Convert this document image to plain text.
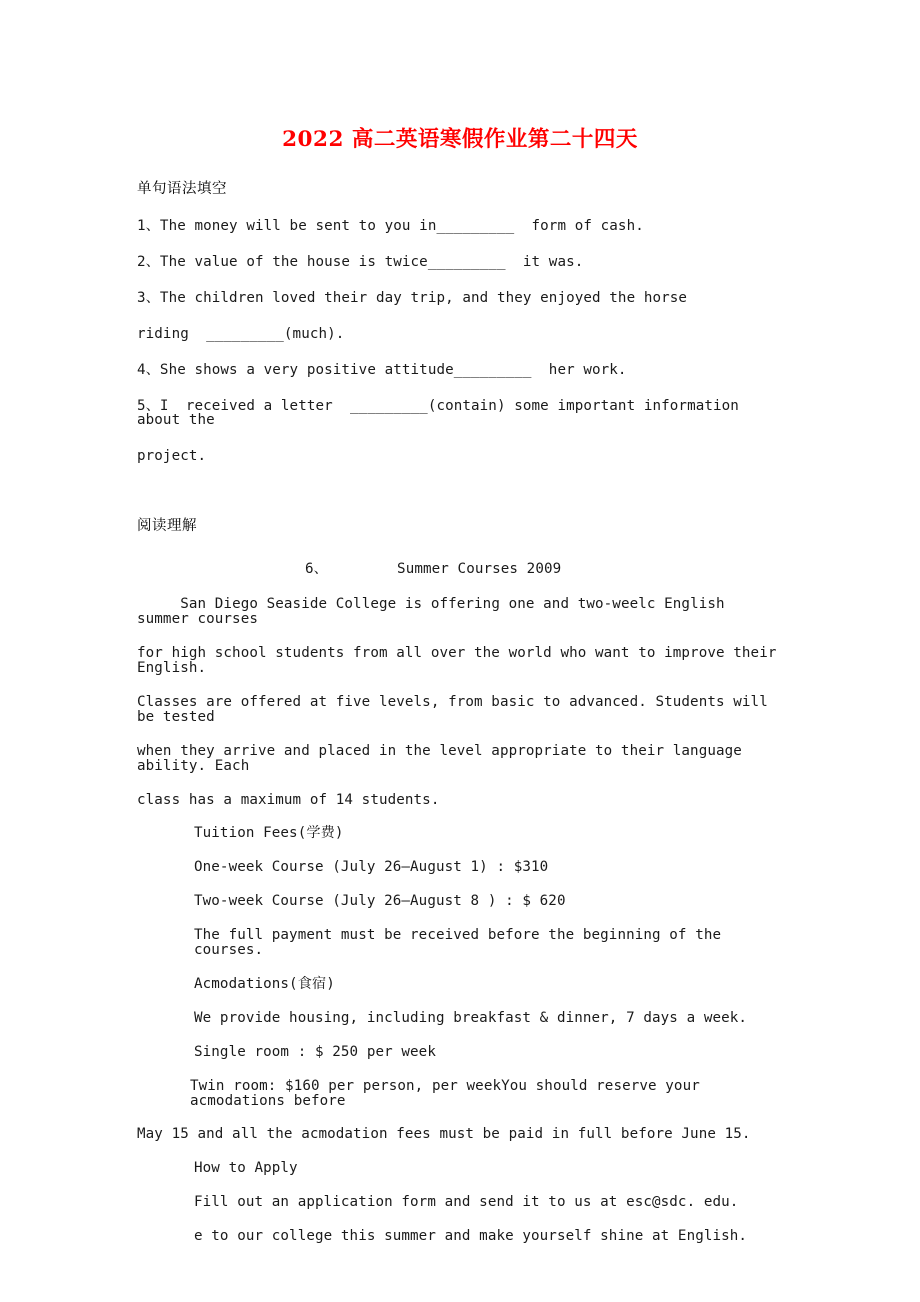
2022 高二英语寒假作业第二十四天

单句语法填空

1、The money will be sent to you in_________  form of cash.

2、The value of the house is twice_________  it was.

3、The children loved their day trip, and they enjoyed the horse

riding  _________(much).

4、She shows a very positive attitude_________  her work.

5、I  received a letter  _________(contain) some important information about the

project.

阅读理解

6、        Summer Courses 2009

San Diego Seaside College is offering one and two-weelc English summer courses

for high school students from all over the world who want to improve their English.

Classes are offered at five levels, from basic to advanced. Students will be tested

when they arrive and placed in the level appropriate to their language ability. Each

class has a maximum of 14 students.

Tuition Fees(学费)

One-week Course (July 26—August 1) : $310

Two-week Course (July 26—August 8 ) : $ 620

The full payment must be received before the beginning of the courses.

Acmodations(食宿)

We provide housing, including breakfast & dinner, 7 days a week.

Single room : $ 250 per week

Twin room: $160 per person, per weekYou should reserve your acmodations before

May 15 and all the acmodation fees must be paid in full before June 15.

How to Apply

Fill out an application form and send it to us at esc@sdc. edu.

e to our college this summer and make yourself shine at English.
